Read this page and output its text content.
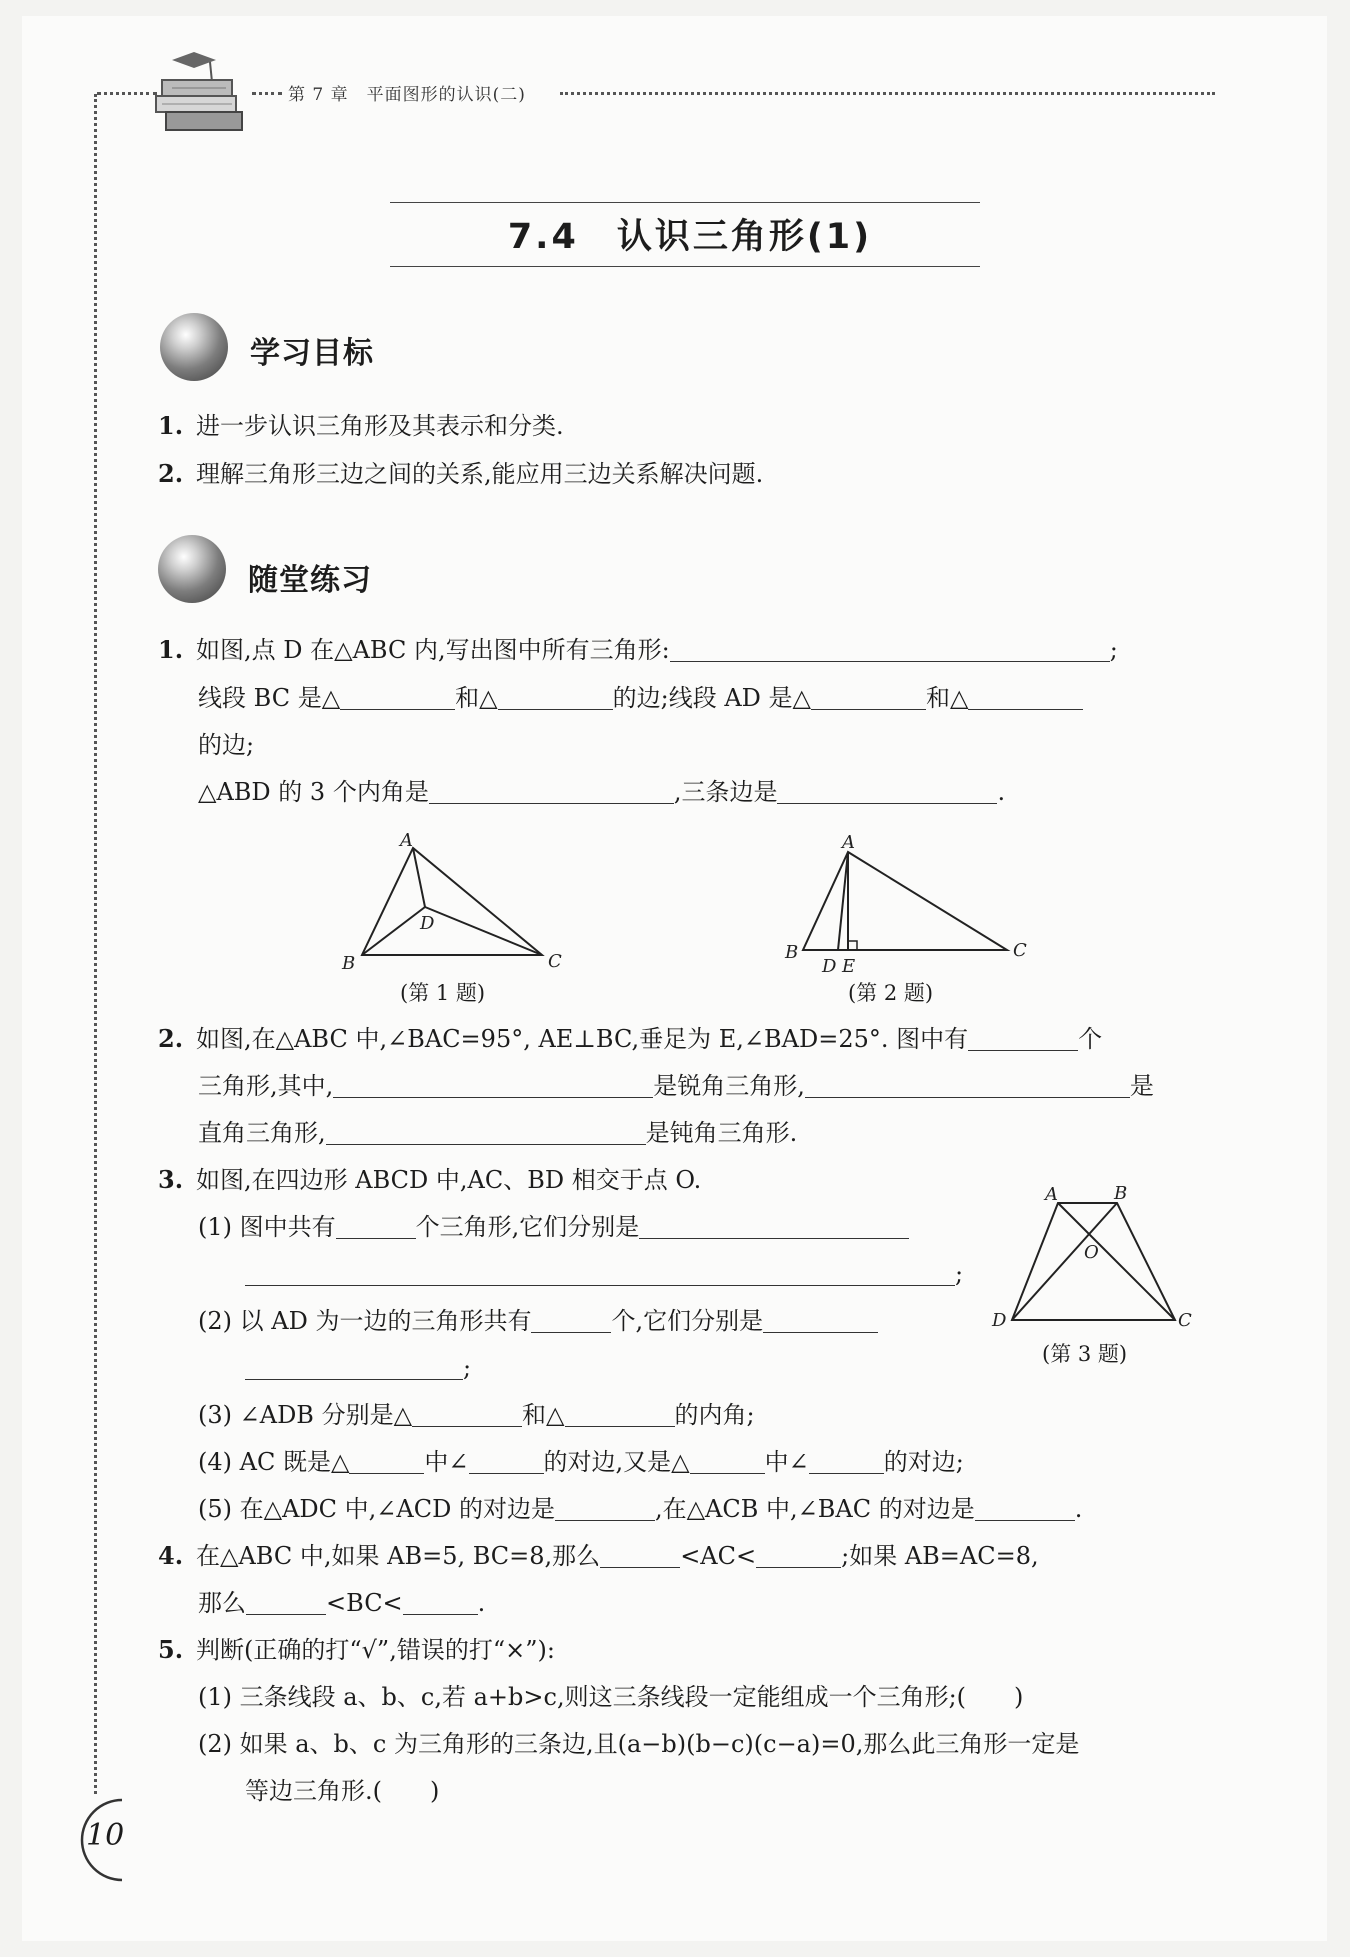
第 7 章　平面图形的认识(二)
7.4　认识三角形(1)
学习目标
1. 进一步认识三角形及其表示和分类.
2. 理解三角形三边之间的关系,能应用三边关系解决问题.
随堂练习
1. 如图,点 D 在△ABC 内,写出图中所有三角形:	;
线段 BC 是△	和△	的边;线段 AD 是△	和△
的边;
△ABD 的 3 个内角是	,三条边是	.
A
B	C
D
(第 1 题)
A
B	C
D E
(第 2 题)
2. 如图,在△ABC 中,∠BAC=95°, AE⊥BC,垂足为 E,∠BAD=25°. 图中有	个
三角形,其中,	是锐角三角形,	是
直角三角形,	是钝角三角形.
3. 如图,在四边形 ABCD 中,AC、BD 相交于点 O.
(1) 图中共有	个三角形,它们分别是
;
(2) 以 AD 为一边的三角形共有	个,它们分别是
;
(3) ∠ADB 分别是△	和△	的内角;
(4) AC 既是△	中∠	的对边,又是△	中∠	的对边;
(5) 在△ADC 中,∠ACD 的对边是	,在△ACB 中,∠BAC 的对边是	.
A	B
C
D
O
(第 3 题)
4. 在△ABC 中,如果 AB=5, BC=8,那么	<AC<	;如果 AB=AC=8,
那么	<BC<	.
5. 判断(正确的打“√”,错误的打“×”):
(1) 三条线段 a、b、c,若 a+b>c,则这三条线段一定能组成一个三角形;(　　)
(2) 如果 a、b、c 为三角形的三条边,且(a−b)(b−c)(c−a)=0,那么此三角形一定是
等边三角形.(　　)
10
